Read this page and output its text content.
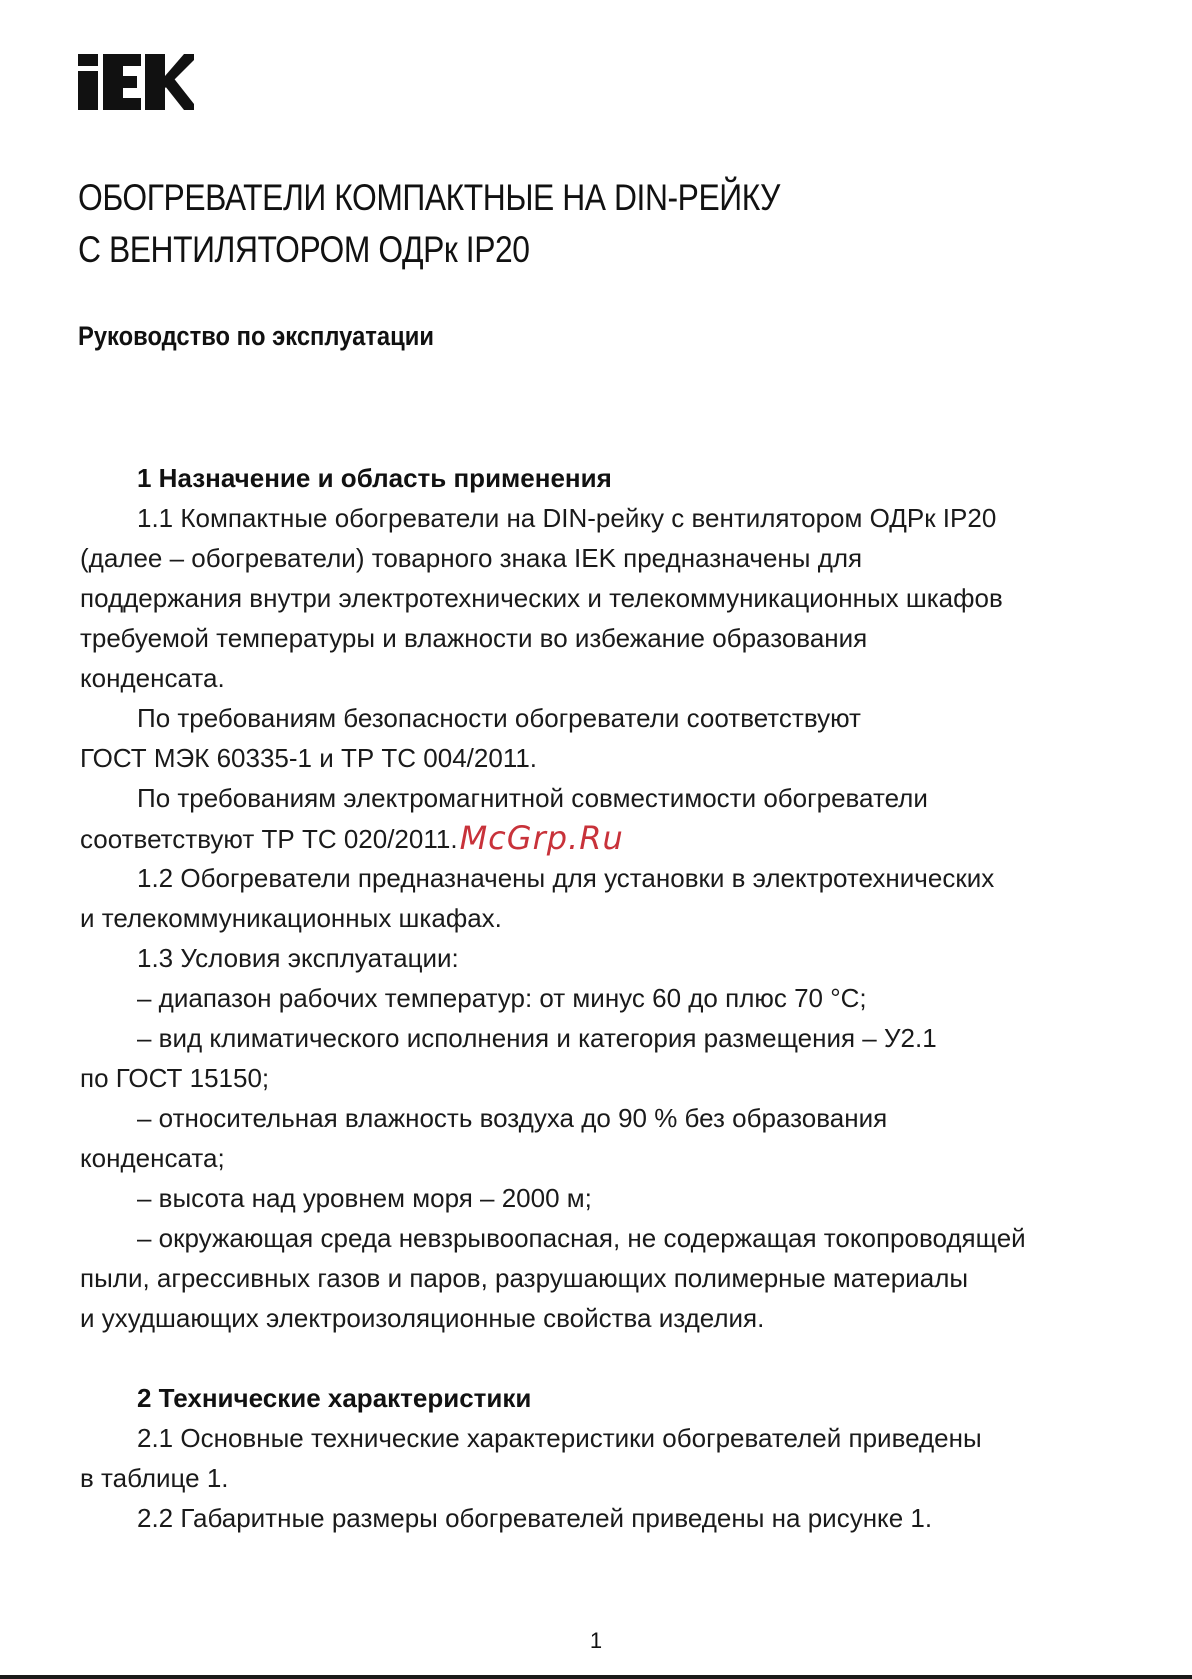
ОБОГРЕВАТЕЛИ КОМПАКТНЫЕ НА DIN-РЕЙКУ
С ВЕНТИЛЯТОРОМ ОДРк IP20
Руководство по эксплуатации
1 Назначение и область применения
1.1 Компактные обогреватели на DIN-рейку с вентилятором ОДРк IP20
(далее – обогреватели) товарного знака IEK предназначены для
поддержания внутри электротехнических и телекоммуникационных шкафов
требуемой температуры и влажности во избежание образования
конденсата.
По требованиям безопасности обогреватели соответствуют
ГОСТ МЭК 60335-1 и ТР ТС 004/2011.
По требованиям электромагнитной совместимости обогреватели
соответствуют ТР ТС 020/2011.McGrp.Ru
1.2 Обогреватели предназначены для установки в электротехнических
и телекоммуникационных шкафах.
1.3 Условия эксплуатации:
– диапазон рабочих температур: от минус 60 до плюс 70 °C;
– вид климатического исполнения и категория размещения – У2.1
по ГОСТ 15150;
– относительная влажность воздуха до 90 % без образования
конденсата;
– высота над уровнем моря – 2000 м;
– окружающая среда невзрывоопасная, не содержащая токопроводящей
пыли, агрессивных газов и паров, разрушающих полимерные материалы
и ухудшающих электроизоляционные свойства изделия.
2 Технические характеристики
2.1 Основные технические характеристики обогревателей приведены
в таблице 1.
2.2 Габаритные размеры обогревателей приведены на рисунке 1.
1
